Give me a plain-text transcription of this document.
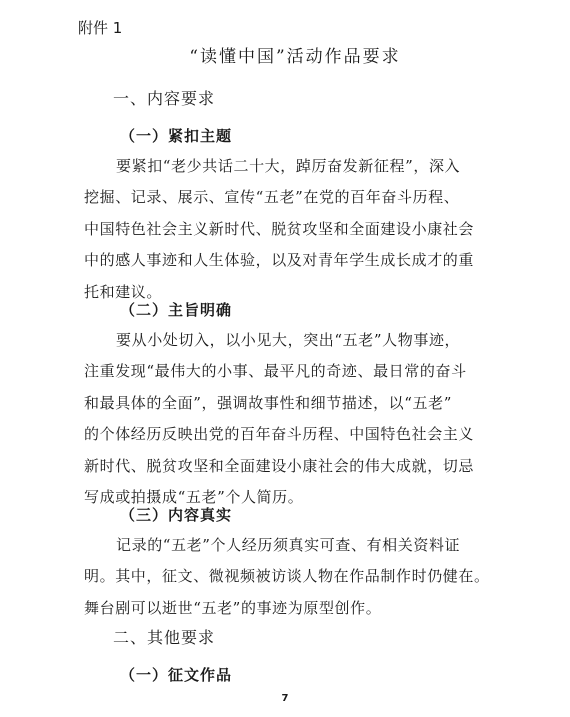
附件 1
“读懂中国”活动作品要求
一、内容要求
（一）紧扣主题
要紧扣“老少共话二十大，踔厉奋发新征程”，深入
挖掘、记录、展示、宣传“五老”在党的百年奋斗历程、
中国特色社会主义新时代、脱贫攻坚和全面建设小康社会
中的感人事迹和人生体验，以及对青年学生成长成才的重
托和建议。
（二）主旨明确
要从小处切入，以小见大，突出“五老”人物事迹，
注重发现“最伟大的小事、最平凡的奇迹、最日常的奋斗
和最具体的全面”，强调故事性和细节描述，以“五老”
的个体经历反映出党的百年奋斗历程、中国特色社会主义
新时代、脱贫攻坚和全面建设小康社会的伟大成就，切忌
写成或拍摄成“五老”个人简历。
（三）内容真实
记录的“五老”个人经历须真实可查、有相关资料证
明。其中，征文、微视频被访谈人物在作品制作时仍健在。
舞台剧可以逝世“五老”的事迹为原型创作。
二、其他要求
（一）征文作品
7
